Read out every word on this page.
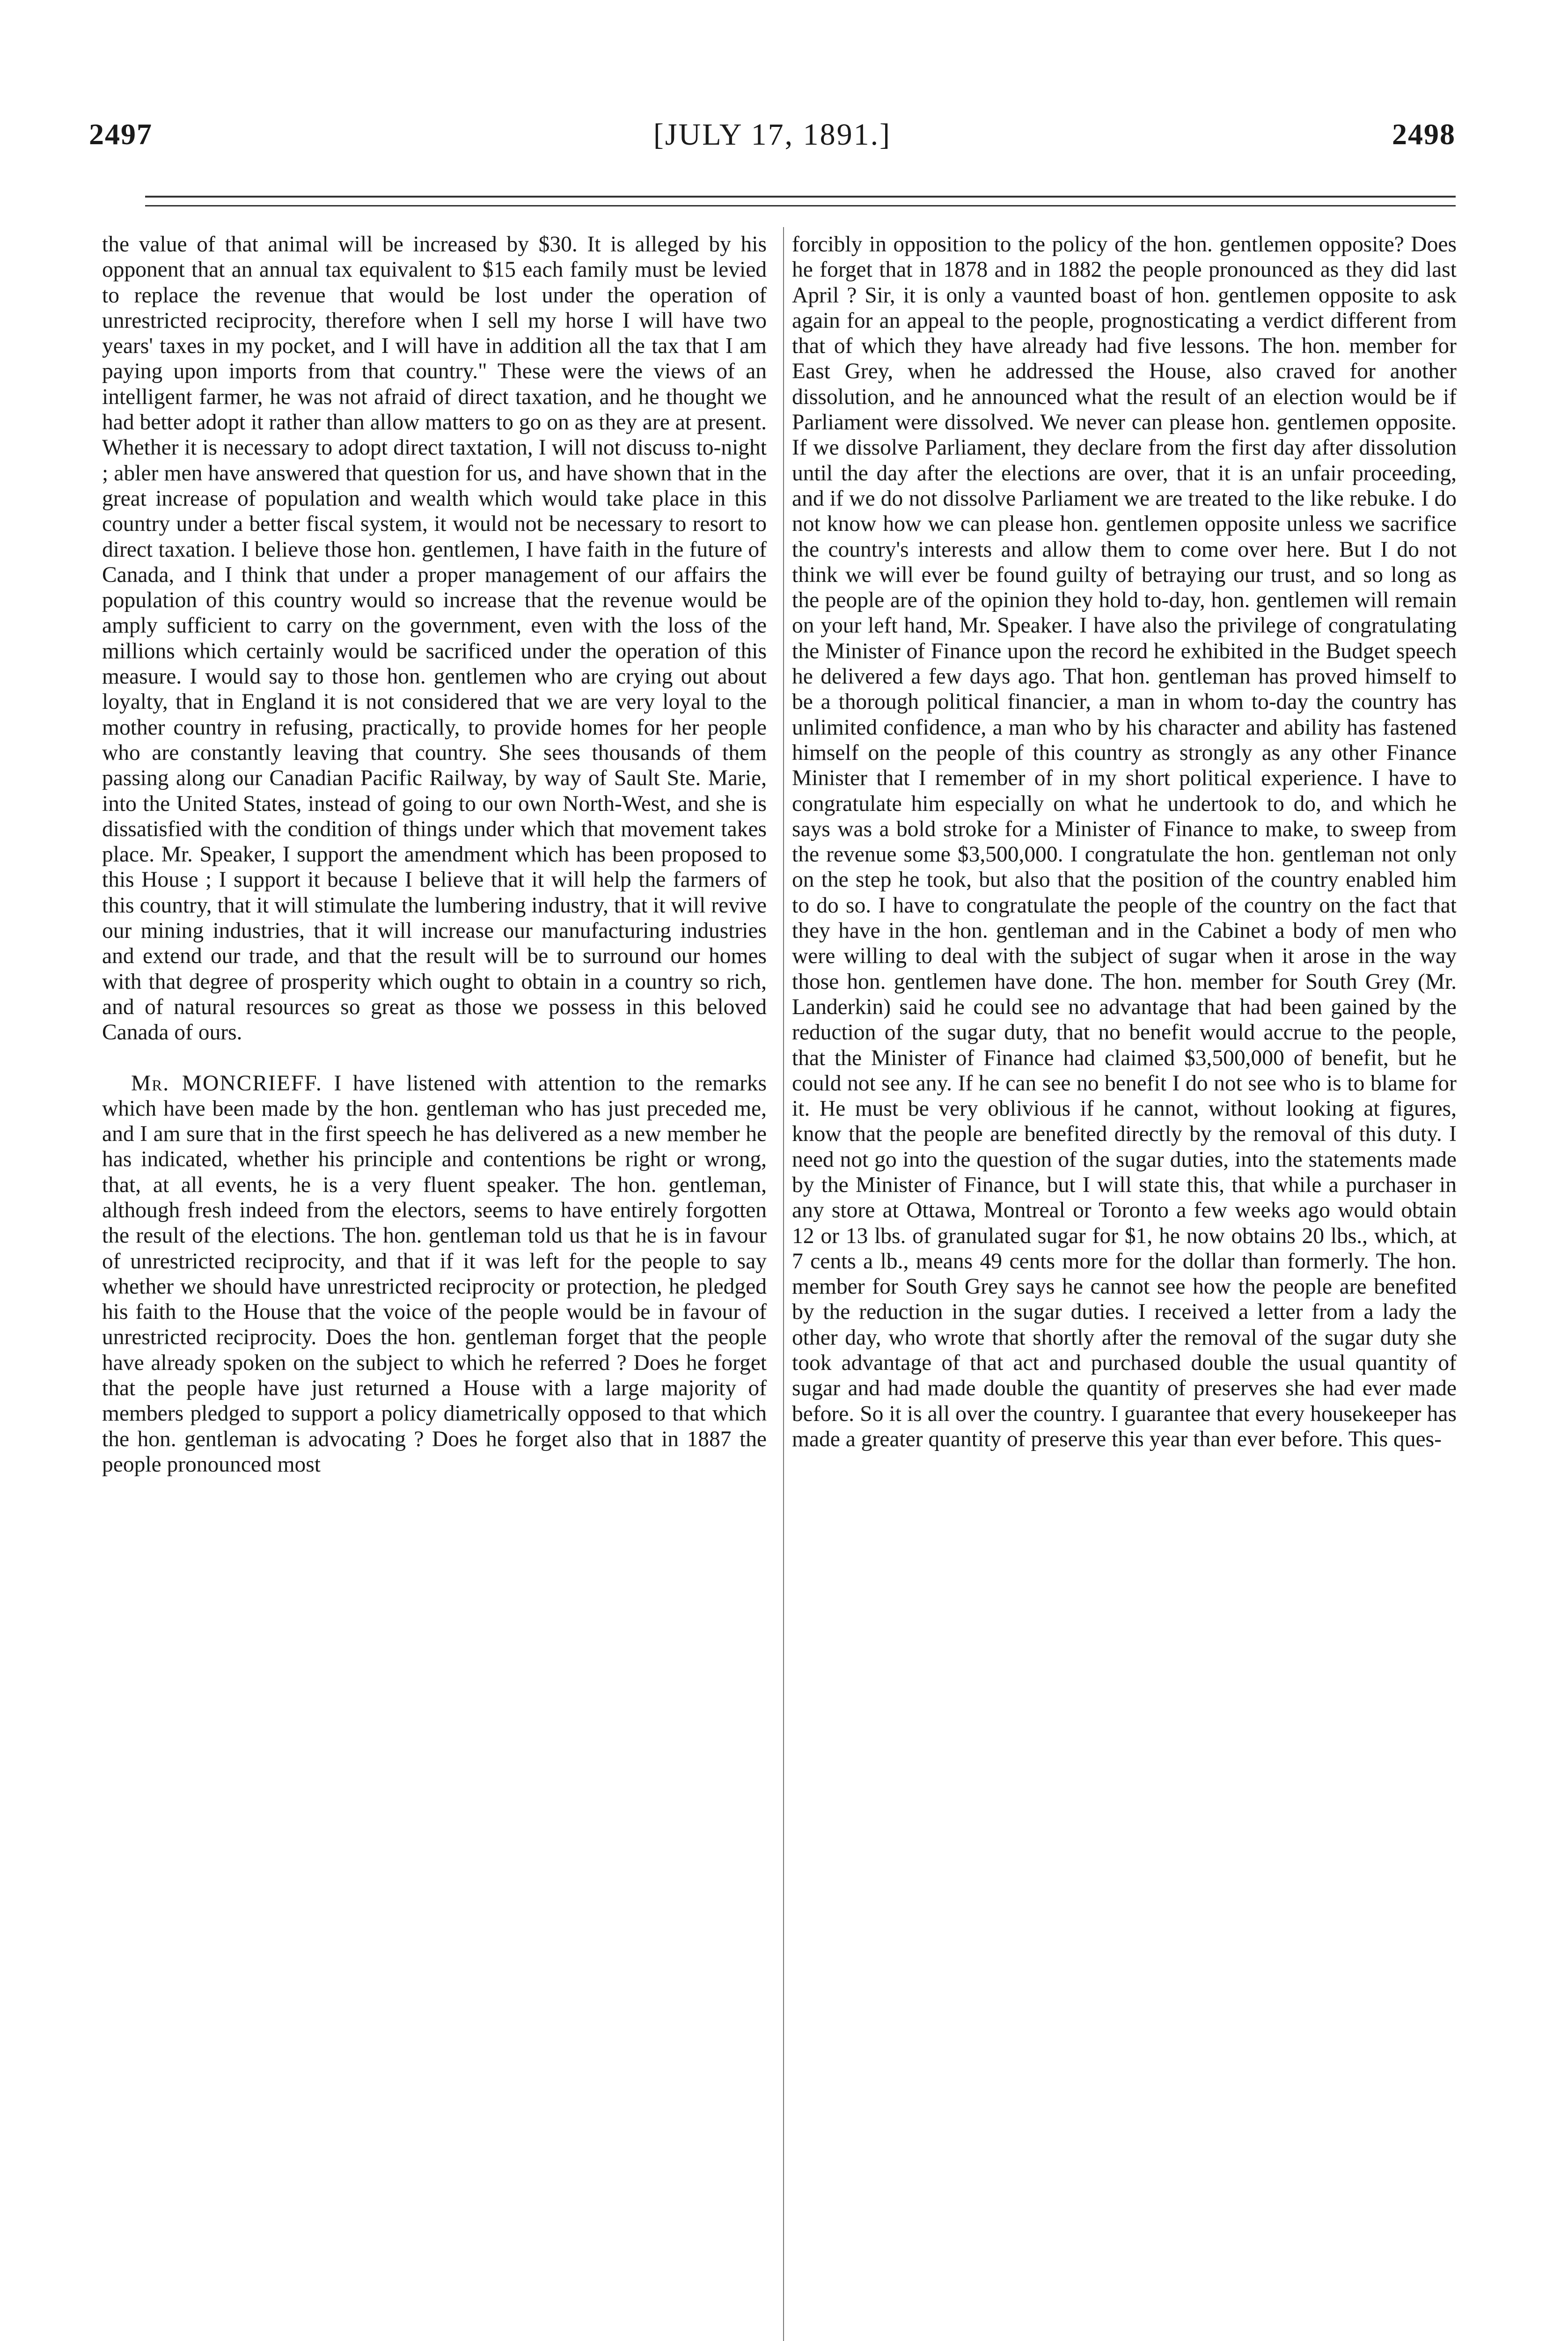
2497	[JULY 17, 1891.]	2498

the value of that animal will be increased by $30. It is alleged by his opponent that an annual tax equivalent to $15 each family must be levied to replace the revenue that would be lost under the operation of unrestricted reciprocity, therefore when I sell my horse I will have two years' taxes in my pocket, and I will have in addition all the tax that I am paying upon imports from that country." These were the views of an intelligent farmer, he was not afraid of direct taxation, and he thought we had better adopt it rather than allow matters to go on as they are at present. Whether it is necessary to adopt direct taxtation, I will not discuss to-night ; abler men have answered that question for us, and have shown that in the great increase of population and wealth which would take place in this country under a better fiscal system, it would not be necessary to resort to direct taxation. I believe those hon. gentlemen, I have faith in the future of Canada, and I think that under a proper management of our affairs the population of this country would so increase that the revenue would be amply sufficient to carry on the government, even with the loss of the millions which certainly would be sacrificed under the operation of this measure. I would say to those hon. gentlemen who are crying out about loyalty, that in England it is not considered that we are very loyal to the mother country in refusing, practically, to provide homes for her people who are constantly leaving that country. She sees thousands of them passing along our Canadian Pacific Railway, by way of Sault Ste. Marie, into the United States, instead of going to our own North-West, and she is dissatisfied with the condition of things under which that movement takes place. Mr. Speaker, I support the amendment which has been proposed to this House ; I support it because I believe that it will help the farmers of this country, that it will stimulate the lumbering industry, that it will revive our mining industries, that it will increase our manufacturing industries and extend our trade, and that the result will be to surround our homes with that degree of prosperity which ought to obtain in a country so rich, and of natural resources so great as those we possess in this beloved Canada of ours.

Mr. MONCRIEFF. I have listened with attention to the remarks which have been made by the hon. gentleman who has just preceded me, and I am sure that in the first speech he has delivered as a new member he has indicated, whether his principle and contentions be right or wrong, that, at all events, he is a very fluent speaker. The hon. gentleman, although fresh indeed from the electors, seems to have entirely forgotten the result of the elections. The hon. gentleman told us that he is in favour of unrestricted reciprocity, and that if it was left for the people to say whether we should have unrestricted reciprocity or protection, he pledged his faith to the House that the voice of the people would be in favour of unrestricted reciprocity. Does the hon. gentleman forget that the people have already spoken on the subject to which he referred ? Does he forget that the people have just returned a House with a large majority of members pledged to support a policy diametrically opposed to that which the hon. gentleman is advocating ? Does he forget also that in 1887 the people pronounced most

forcibly in opposition to the policy of the hon. gentlemen opposite? Does he forget that in 1878 and in 1882 the people pronounced as they did last April ? Sir, it is only a vaunted boast of hon. gentlemen opposite to ask again for an appeal to the people, prognosticating a verdict different from that of which they have already had five lessons. The hon. member for East Grey, when he addressed the House, also craved for another dissolution, and he announced what the result of an election would be if Parliament were dissolved. We never can please hon. gentlemen opposite. If we dissolve Parliament, they declare from the first day after dissolution until the day after the elections are over, that it is an unfair proceeding, and if we do not dissolve Parliament we are treated to the like rebuke. I do not know how we can please hon. gentlemen opposite unless we sacrifice the country's interests and allow them to come over here. But I do not think we will ever be found guilty of betraying our trust, and so long as the people are of the opinion they hold to-day, hon. gentlemen will remain on your left hand, Mr. Speaker. I have also the privilege of congratulating the Minister of Finance upon the record he exhibited in the Budget speech he delivered a few days ago. That hon. gentleman has proved himself to be a thorough political financier, a man in whom to-day the country has unlimited confidence, a man who by his character and ability has fastened himself on the people of this country as strongly as any other Finance Minister that I remember of in my short political experience. I have to congratulate him especially on what he undertook to do, and which he says was a bold stroke for a Minister of Finance to make, to sweep from the revenue some $3,500,000. I congratulate the hon. gentleman not only on the step he took, but also that the position of the country enabled him to do so. I have to congratulate the people of the country on the fact that they have in the hon. gentleman and in the Cabinet a body of men who were willing to deal with the subject of sugar when it arose in the way those hon. gentlemen have done. The hon. member for South Grey (Mr. Landerkin) said he could see no advantage that had been gained by the reduction of the sugar duty, that no benefit would accrue to the people, that the Minister of Finance had claimed $3,500,000 of benefit, but he could not see any. If he can see no benefit I do not see who is to blame for it. He must be very oblivious if he cannot, without looking at figures, know that the people are benefited directly by the removal of this duty. I need not go into the question of the sugar duties, into the statements made by the Minister of Finance, but I will state this, that while a purchaser in any store at Ottawa, Montreal or Toronto a few weeks ago would obtain 12 or 13 lbs. of granulated sugar for $1, he now obtains 20 lbs., which, at 7 cents a lb., means 49 cents more for the dollar than formerly. The hon. member for South Grey says he cannot see how the people are benefited by the reduction in the sugar duties. I received a letter from a lady the other day, who wrote that shortly after the removal of the sugar duty she took advantage of that act and purchased double the usual quantity of sugar and had made double the quantity of preserves she had ever made before. So it is all over the country. I guarantee that every housekeeper has made a greater quantity of preserve this year than ever before. This ques-
